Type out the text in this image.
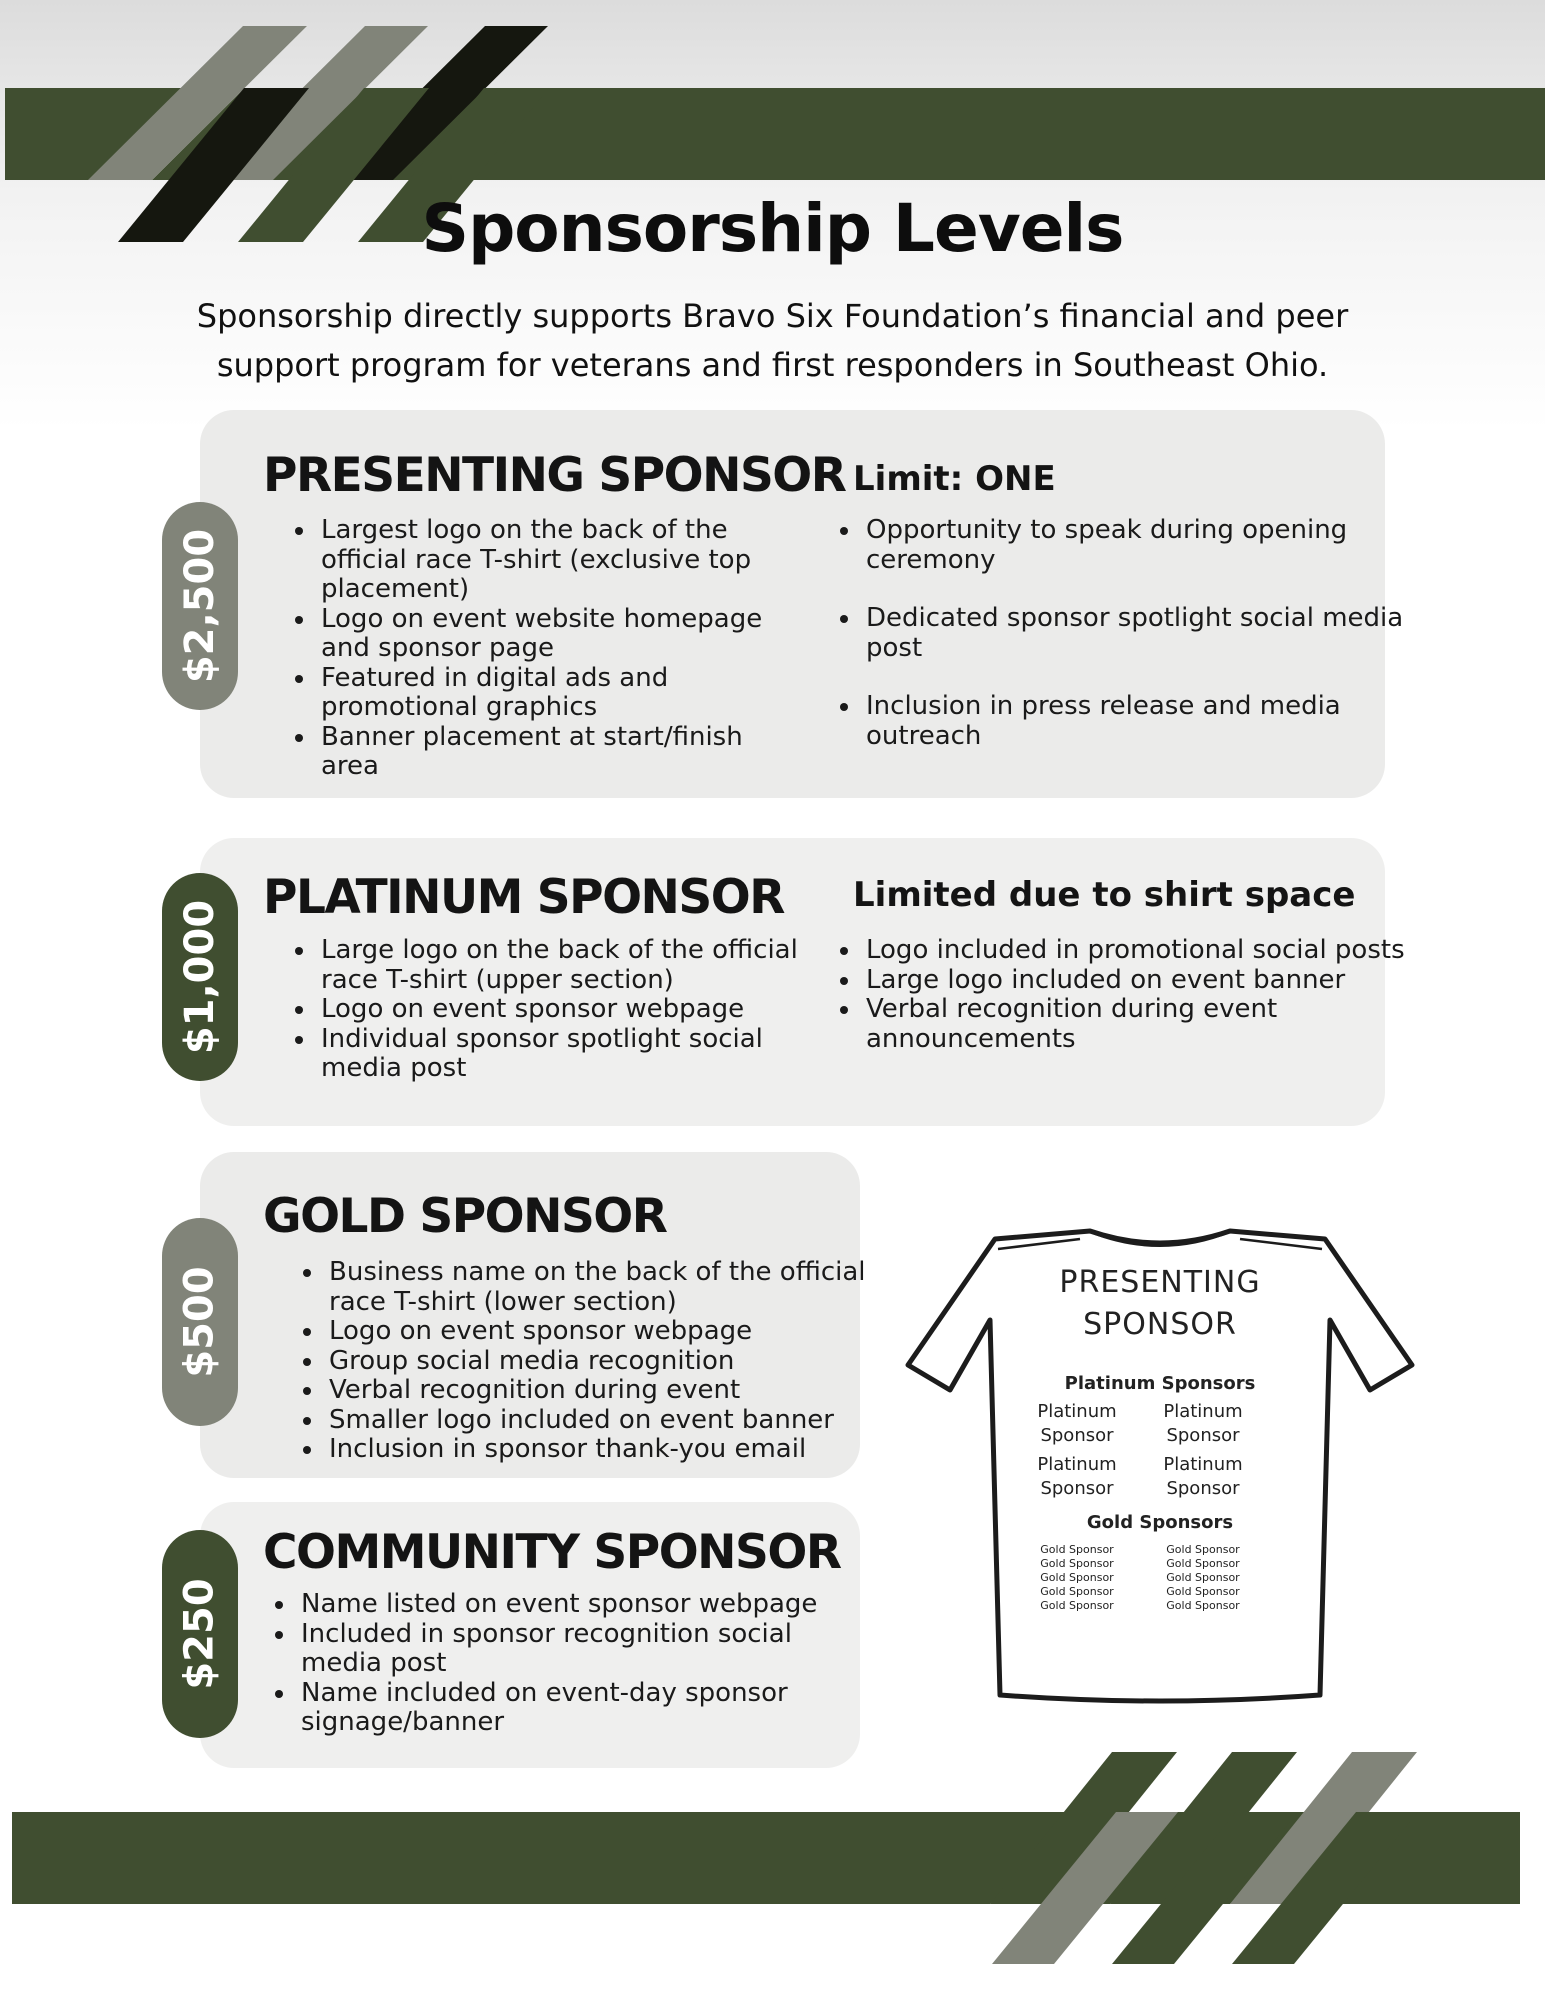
Sponsorship Levels
Sponsorship directly supports Bravo Six Foundation’s financial and peer support program for veterans and first responders in Southeast Ohio.
$2,500
PRESENTING SPONSOR Limit: ONE
• Largest logo on the back of the official race T-shirt (exclusive top placement)
• Logo on event website homepage and sponsor page
• Featured in digital ads and promotional graphics
• Banner placement at start/finish area
• Opportunity to speak during opening ceremony
• Dedicated sponsor spotlight social media post
• Inclusion in press release and media outreach
$1,000
PLATINUM SPONSOR Limited due to shirt space
• Large logo on the back of the official race T-shirt (upper section)
• Logo on event sponsor webpage
• Individual sponsor spotlight social media post
• Logo included in promotional social posts
• Large logo included on event banner
• Verbal recognition during event announcements
$500
GOLD SPONSOR
• Business name on the back of the official race T-shirt (lower section)
• Logo on event sponsor webpage
• Group social media recognition
• Verbal recognition during event
• Smaller logo included on event banner
• Inclusion in sponsor thank-you email
$250
COMMUNITY SPONSOR
• Name listed on event sponsor webpage
• Included in sponsor recognition social media post
• Name included on event-day sponsor signage/banner
PRESENTING
SPONSOR
Platinum Sponsors
Platinum
Sponsor
Platinum
Sponsor
Platinum
Sponsor
Platinum
Sponsor
Gold Sponsors
Gold Sponsor
Gold Sponsor
Gold Sponsor
Gold Sponsor
Gold Sponsor
Gold Sponsor
Gold Sponsor
Gold Sponsor
Gold Sponsor
Gold Sponsor
